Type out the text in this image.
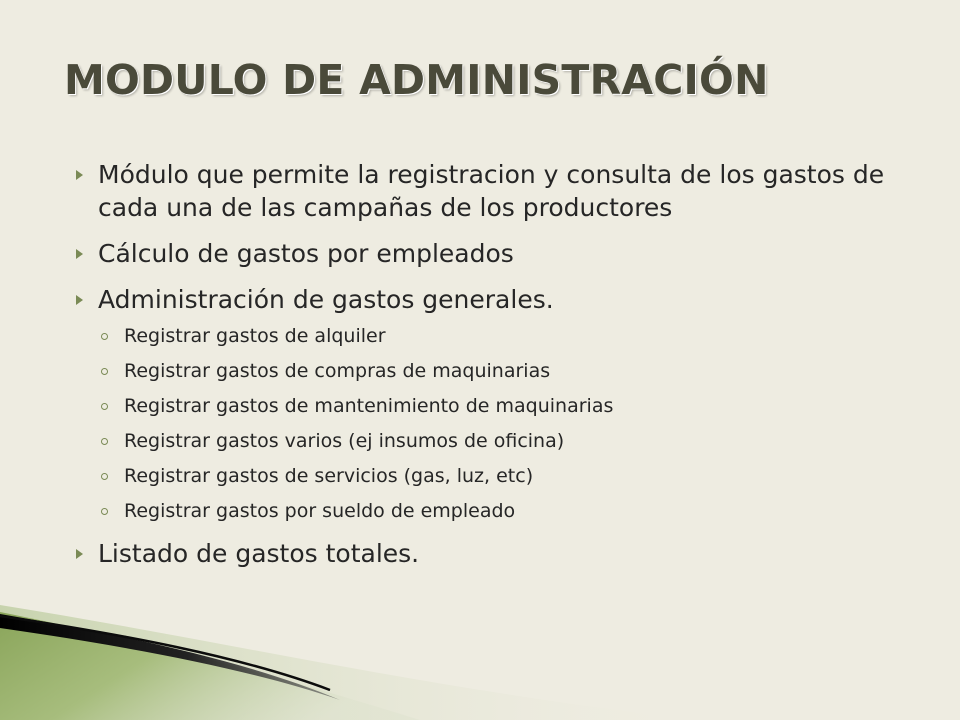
MODULO DE ADMINISTRACIÓN
Módulo que permite la registracion y consulta de los gastos de cada una de las campañas de los productores
Cálculo de gastos por empleados
Administración de gastos generales.
Registrar gastos de alquiler
Registrar gastos de compras de maquinarias
Registrar gastos de mantenimiento de maquinarias
Registrar gastos varios (ej insumos de oficina)
Registrar gastos de servicios (gas, luz, etc)
Registrar gastos por sueldo de empleado
Listado de gastos totales.
